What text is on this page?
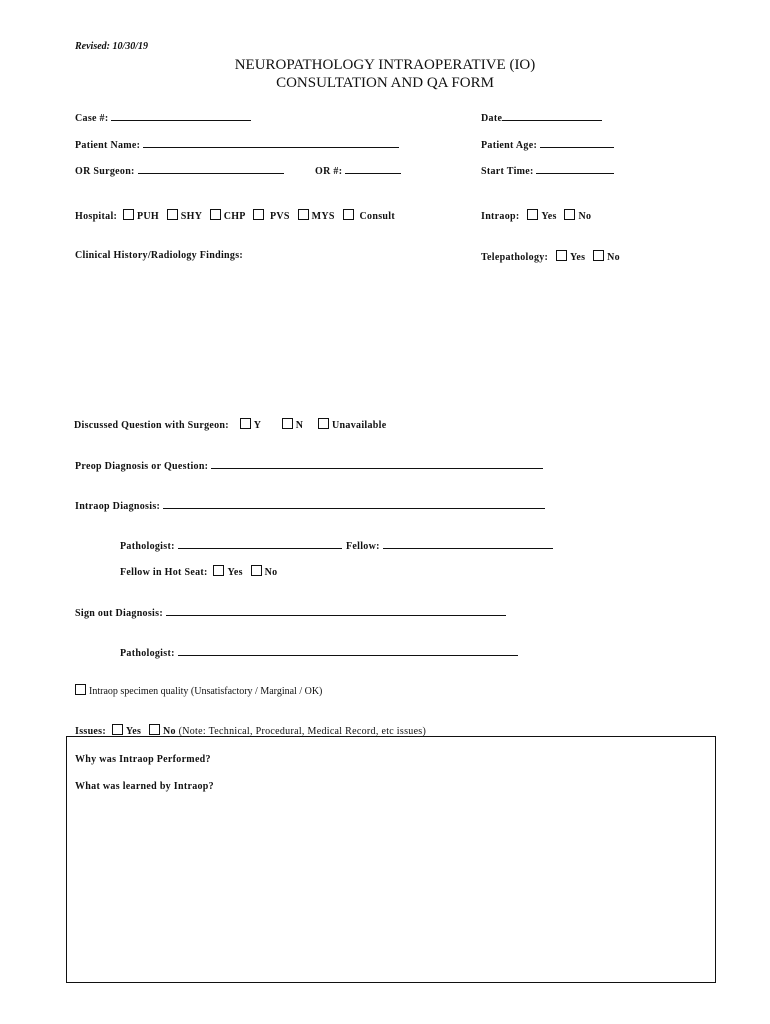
Revised: 10/30/19
NEUROPATHOLOGY INTRAOPERATIVE (IO)
CONSULTATION AND QA FORM
Case #:	Date
Patient Name:	Patient Age:
OR Surgeon:	OR #:	Start Time:
Hospital: PUH SHY CHP PVS MYS Consult	Intraop: Yes No
Clinical History/Radiology Findings:	Telepathology: Yes No
Discussed Question with Surgeon: Y	N	Unavailable
Preop Diagnosis or Question:
Intraop Diagnosis:
Pathologist:	Fellow:
Fellow in Hot Seat: Yes No
Sign out Diagnosis:
Pathologist:
Intraop specimen quality (Unsatisfactory / Marginal / OK)
Issues: Yes No (Note: Technical, Procedural, Medical Record, etc issues)
Why was Intraop Performed?
What was learned by Intraop?
